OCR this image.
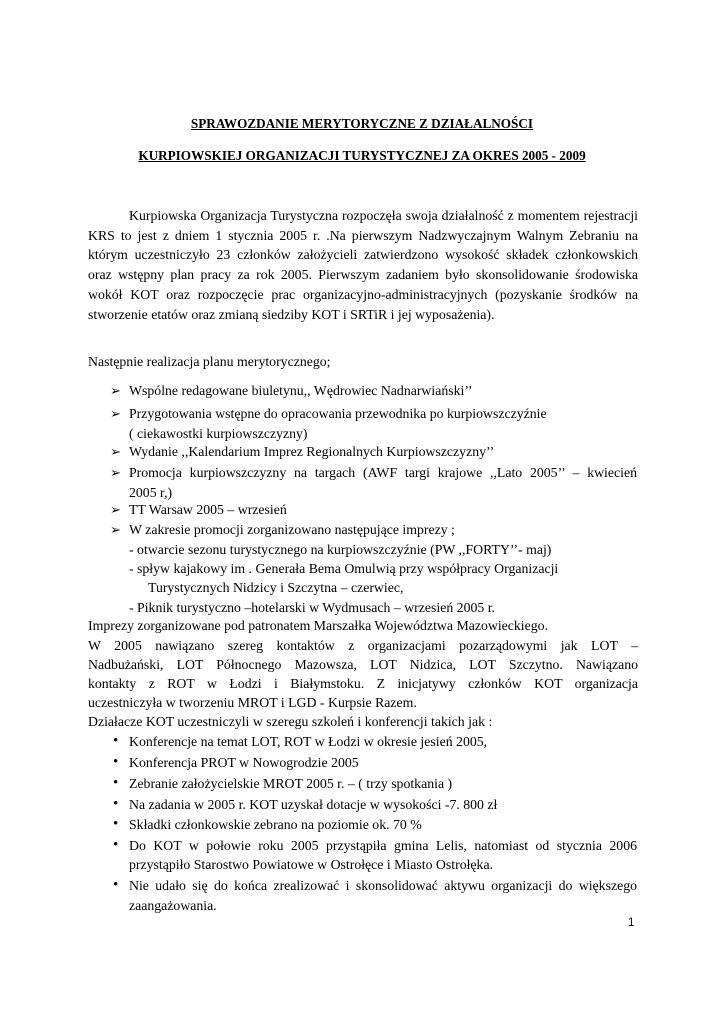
SPRAWOZDANIE MERYTORYCZNE Z DZIAŁALNOŚCI
KURPIOWSKIEJ ORGANIZACJI TURYSTYCZNEJ ZA OKRES 2005 - 2009
Kurpiowska Organizacja Turystyczna rozpoczęła swoja działalność z momentem rejestracji KRS to jest z dniem 1 stycznia 2005 r. .Na pierwszym Nadzwyczajnym Walnym Zebraniu na którym uczestniczyło 23 członków założycieli zatwierdzono wysokość składek członkowskich oraz wstępny plan pracy za rok 2005. Pierwszym zadaniem było skonsolidowanie środowiska wokół KOT oraz rozpoczęcie prac organizacyjno-administracyjnych (pozyskanie środków na stworzenie etatów oraz zmianą siedziby KOT i SRTiR i jej wyposażenia).
Następnie realizacja planu merytorycznego;
➢ Wspólne redagowane biuletynu,, Wędrowiec Nadnarwiański’’
➢ Przygotowania wstępne do opracowania przewodnika po kurpiowszczyźnie
( ciekawostki kurpiowszczyzny)
➢ Wydanie ,,Kalendarium Imprez Regionalnych Kurpiowszczyzny’’
➢ Promocja kurpiowszczyzny na targach (AWF targi krajowe ,,Lato 2005’’ – kwiecień
2005 r,)
➢ TT Warsaw 2005 – wrzesień
➢ W zakresie promocji zorganizowano następujące imprezy ;
- otwarcie sezonu turystycznego na kurpiowszczyźnie (PW ,,FORTY’’- maj)
- spływ kajakowy im . Generała Bema Omulwią przy współpracy Organizacji
Turystycznych Nidzicy i Szczytna – czerwiec,
- Piknik turystyczno –hotelarski w Wydmusach – wrzesień 2005 r.
Imprezy zorganizowane pod patronatem Marszałka Województwa Mazowieckiego.
W 2005 nawiązano szereg kontaktów z organizacjami pozarządowymi jak LOT –
Nadbużański, LOT Północnego Mazowsza, LOT Nidzica, LOT Szczytno. Nawiązano
kontakty z ROT w Łodzi i Białymstoku. Z inicjatywy członków KOT organizacja
uczestniczyła w tworzeniu MROT i LGD - Kurpsie Razem.
Działacze KOT uczestniczyli w szeregu szkoleń i konferencji takich jak :
• Konferencje na temat LOT, ROT w Łodzi w okresie jesień 2005,
• Konferencja PROT w Nowogrodzie 2005
• Zebranie założycielskie MROT 2005 r. – ( trzy spotkania )
• Na zadania w 2005 r. KOT uzyskał dotacje w wysokości -7. 800 zł
• Składki członkowskie zebrano na poziomie ok. 70 %
• Do KOT w połowie roku 2005 przystąpiła gmina Lelis, natomiast od stycznia 2006
przystąpiło Starostwo Powiatowe w Ostrołęce i Miasto Ostrołęka.
• Nie udało się do końca zrealizować i skonsolidować aktywu organizacji do większego
zaangażowania.
1
